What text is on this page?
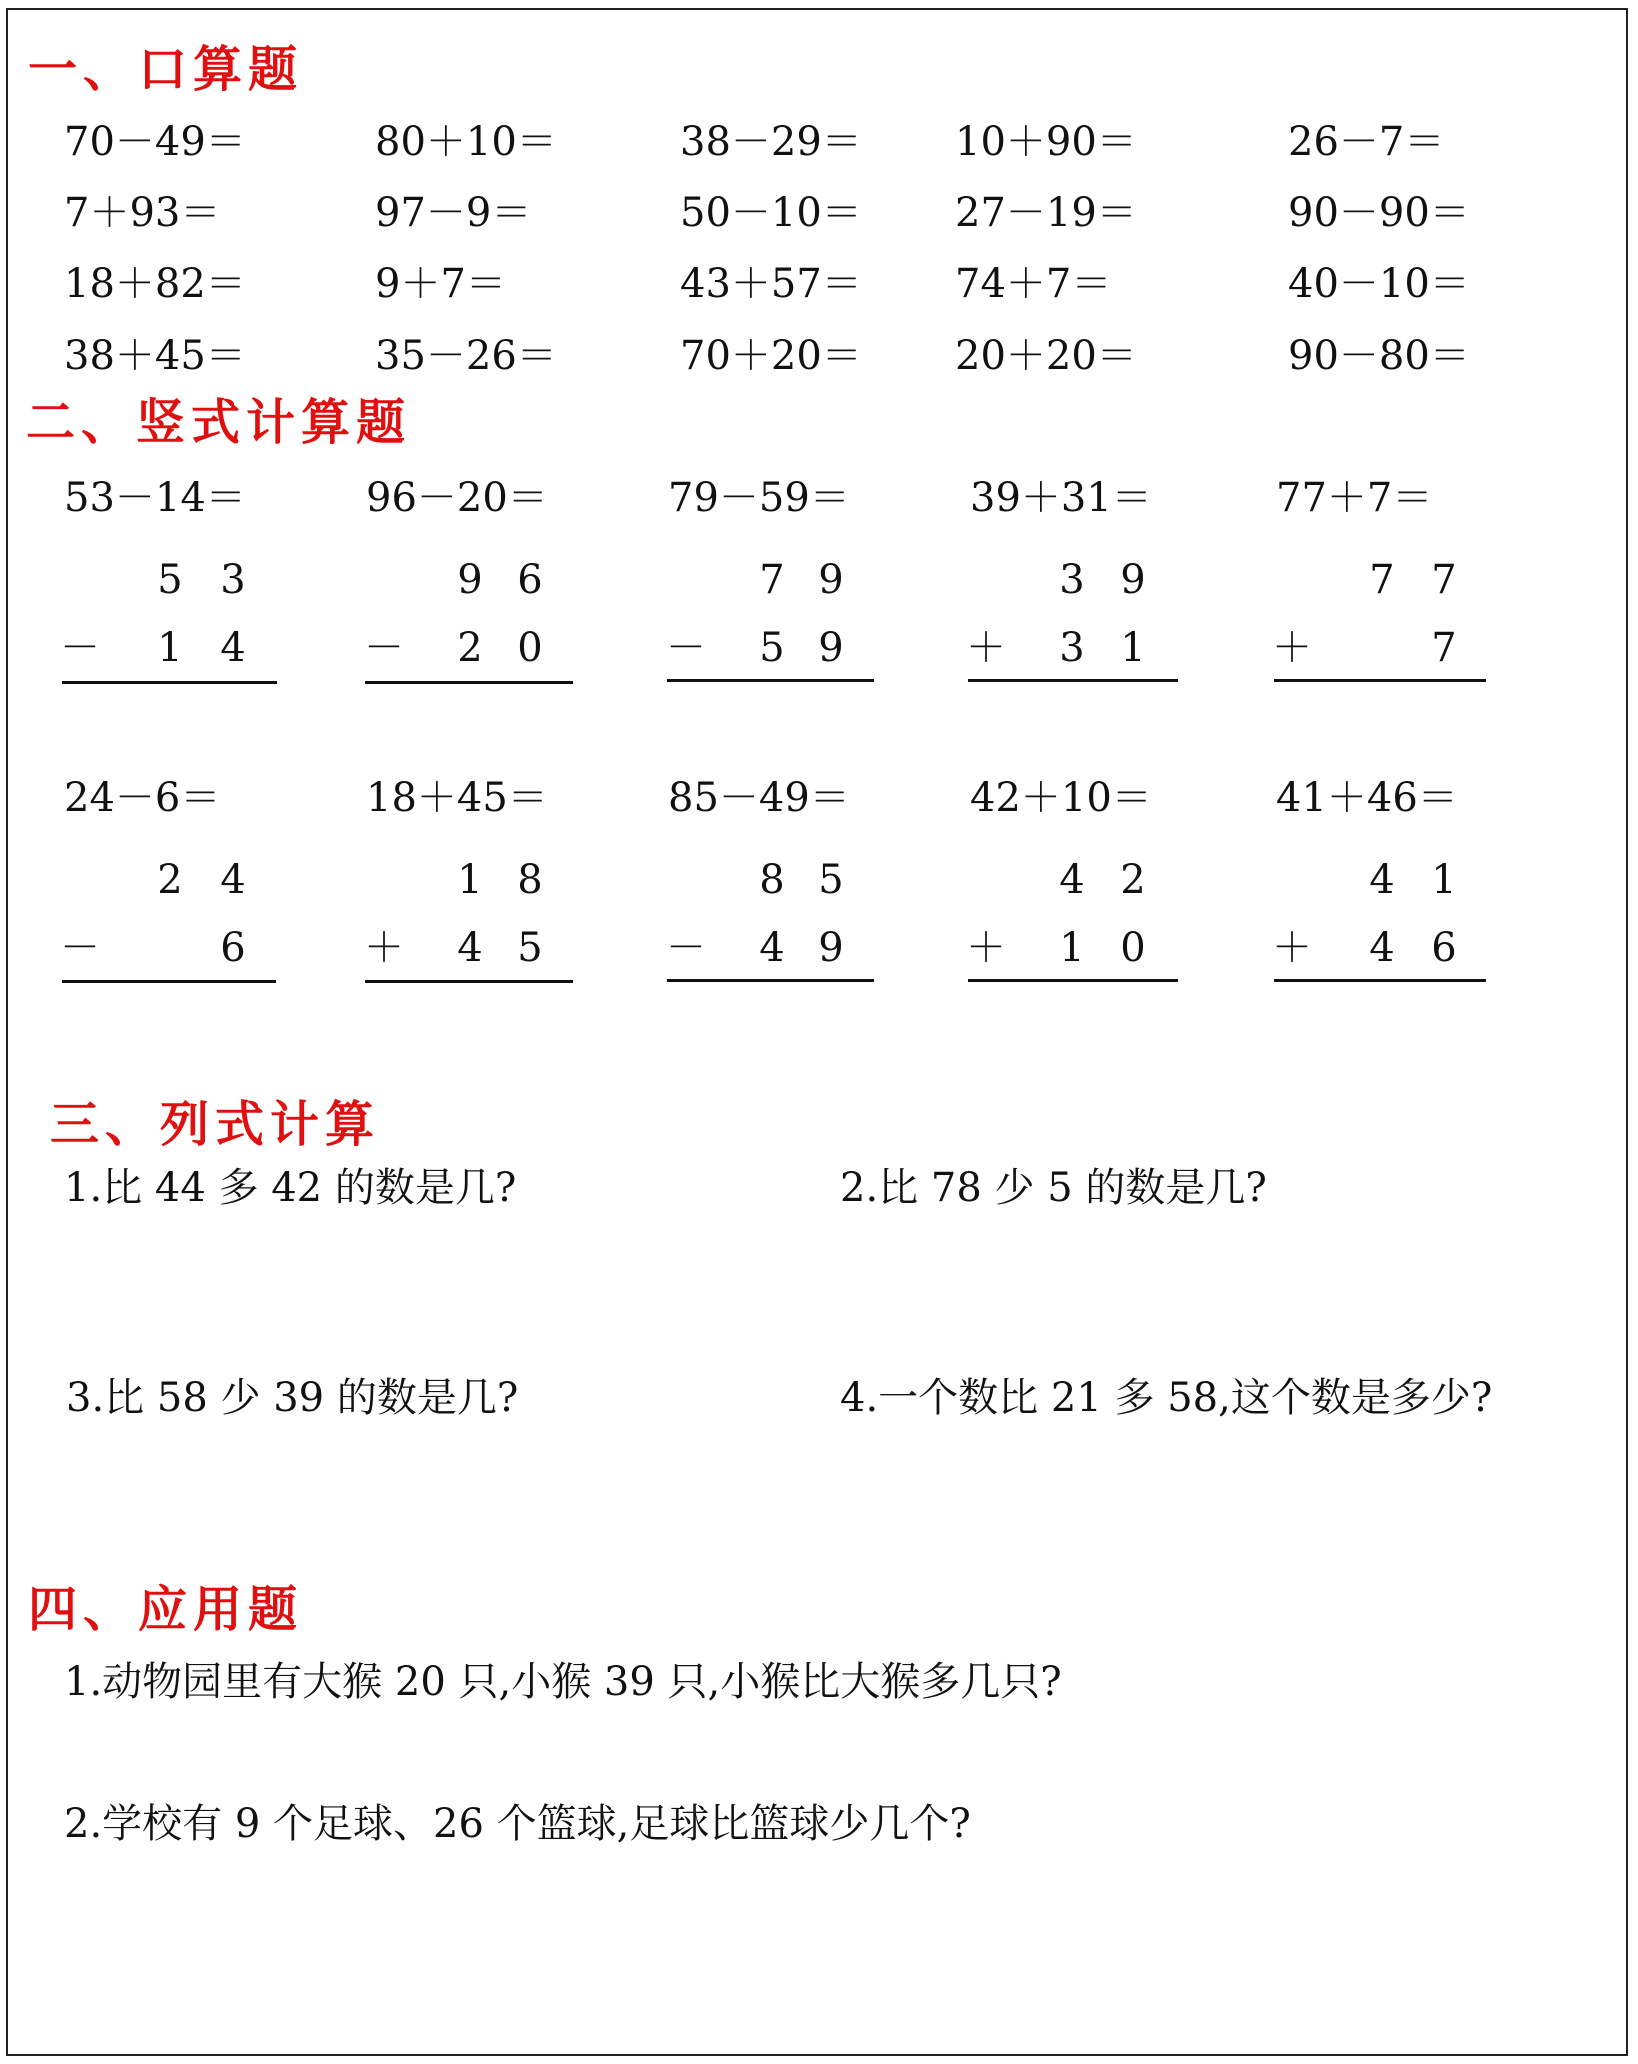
一、口算题
二、竖式计算题
三、列式计算
四、应用题
70－49＝	80＋10＝	38－29＝ 10＋90＝	26－7＝
7＋93＝	97－9＝	50－10＝ 27－19＝	90－90＝
18＋82＝	9＋7＝	43＋57＝ 74＋7＝	40－10＝
38＋45＝	35－26＝	70＋20＝ 20＋20＝	90－80＝
53－14＝
5 3
－ 1 4
96－20＝
9 6
－ 2 0
79－59＝
7 9
－ 5 9
39＋31＝
3 9
＋ 3 1
77＋7＝
7 7
＋	7
24－6＝
2 4
－	6
18＋45＝
1 8
＋ 4 5
85－49＝
8 5
－ 4 9
42＋10＝
4 2
＋ 1 0
41＋46＝
4 1
＋ 4 6
1.比 44 多 42 的数是几?	2.比 78 少 5 的数是几?
3.比 58 少 39 的数是几?	4.一个数比 21 多 58,这个数是多少?
1.动物园里有大猴 20 只,小猴 39 只,小猴比大猴多几只?
2.学校有 9 个足球、26 个篮球,足球比篮球少几个?
